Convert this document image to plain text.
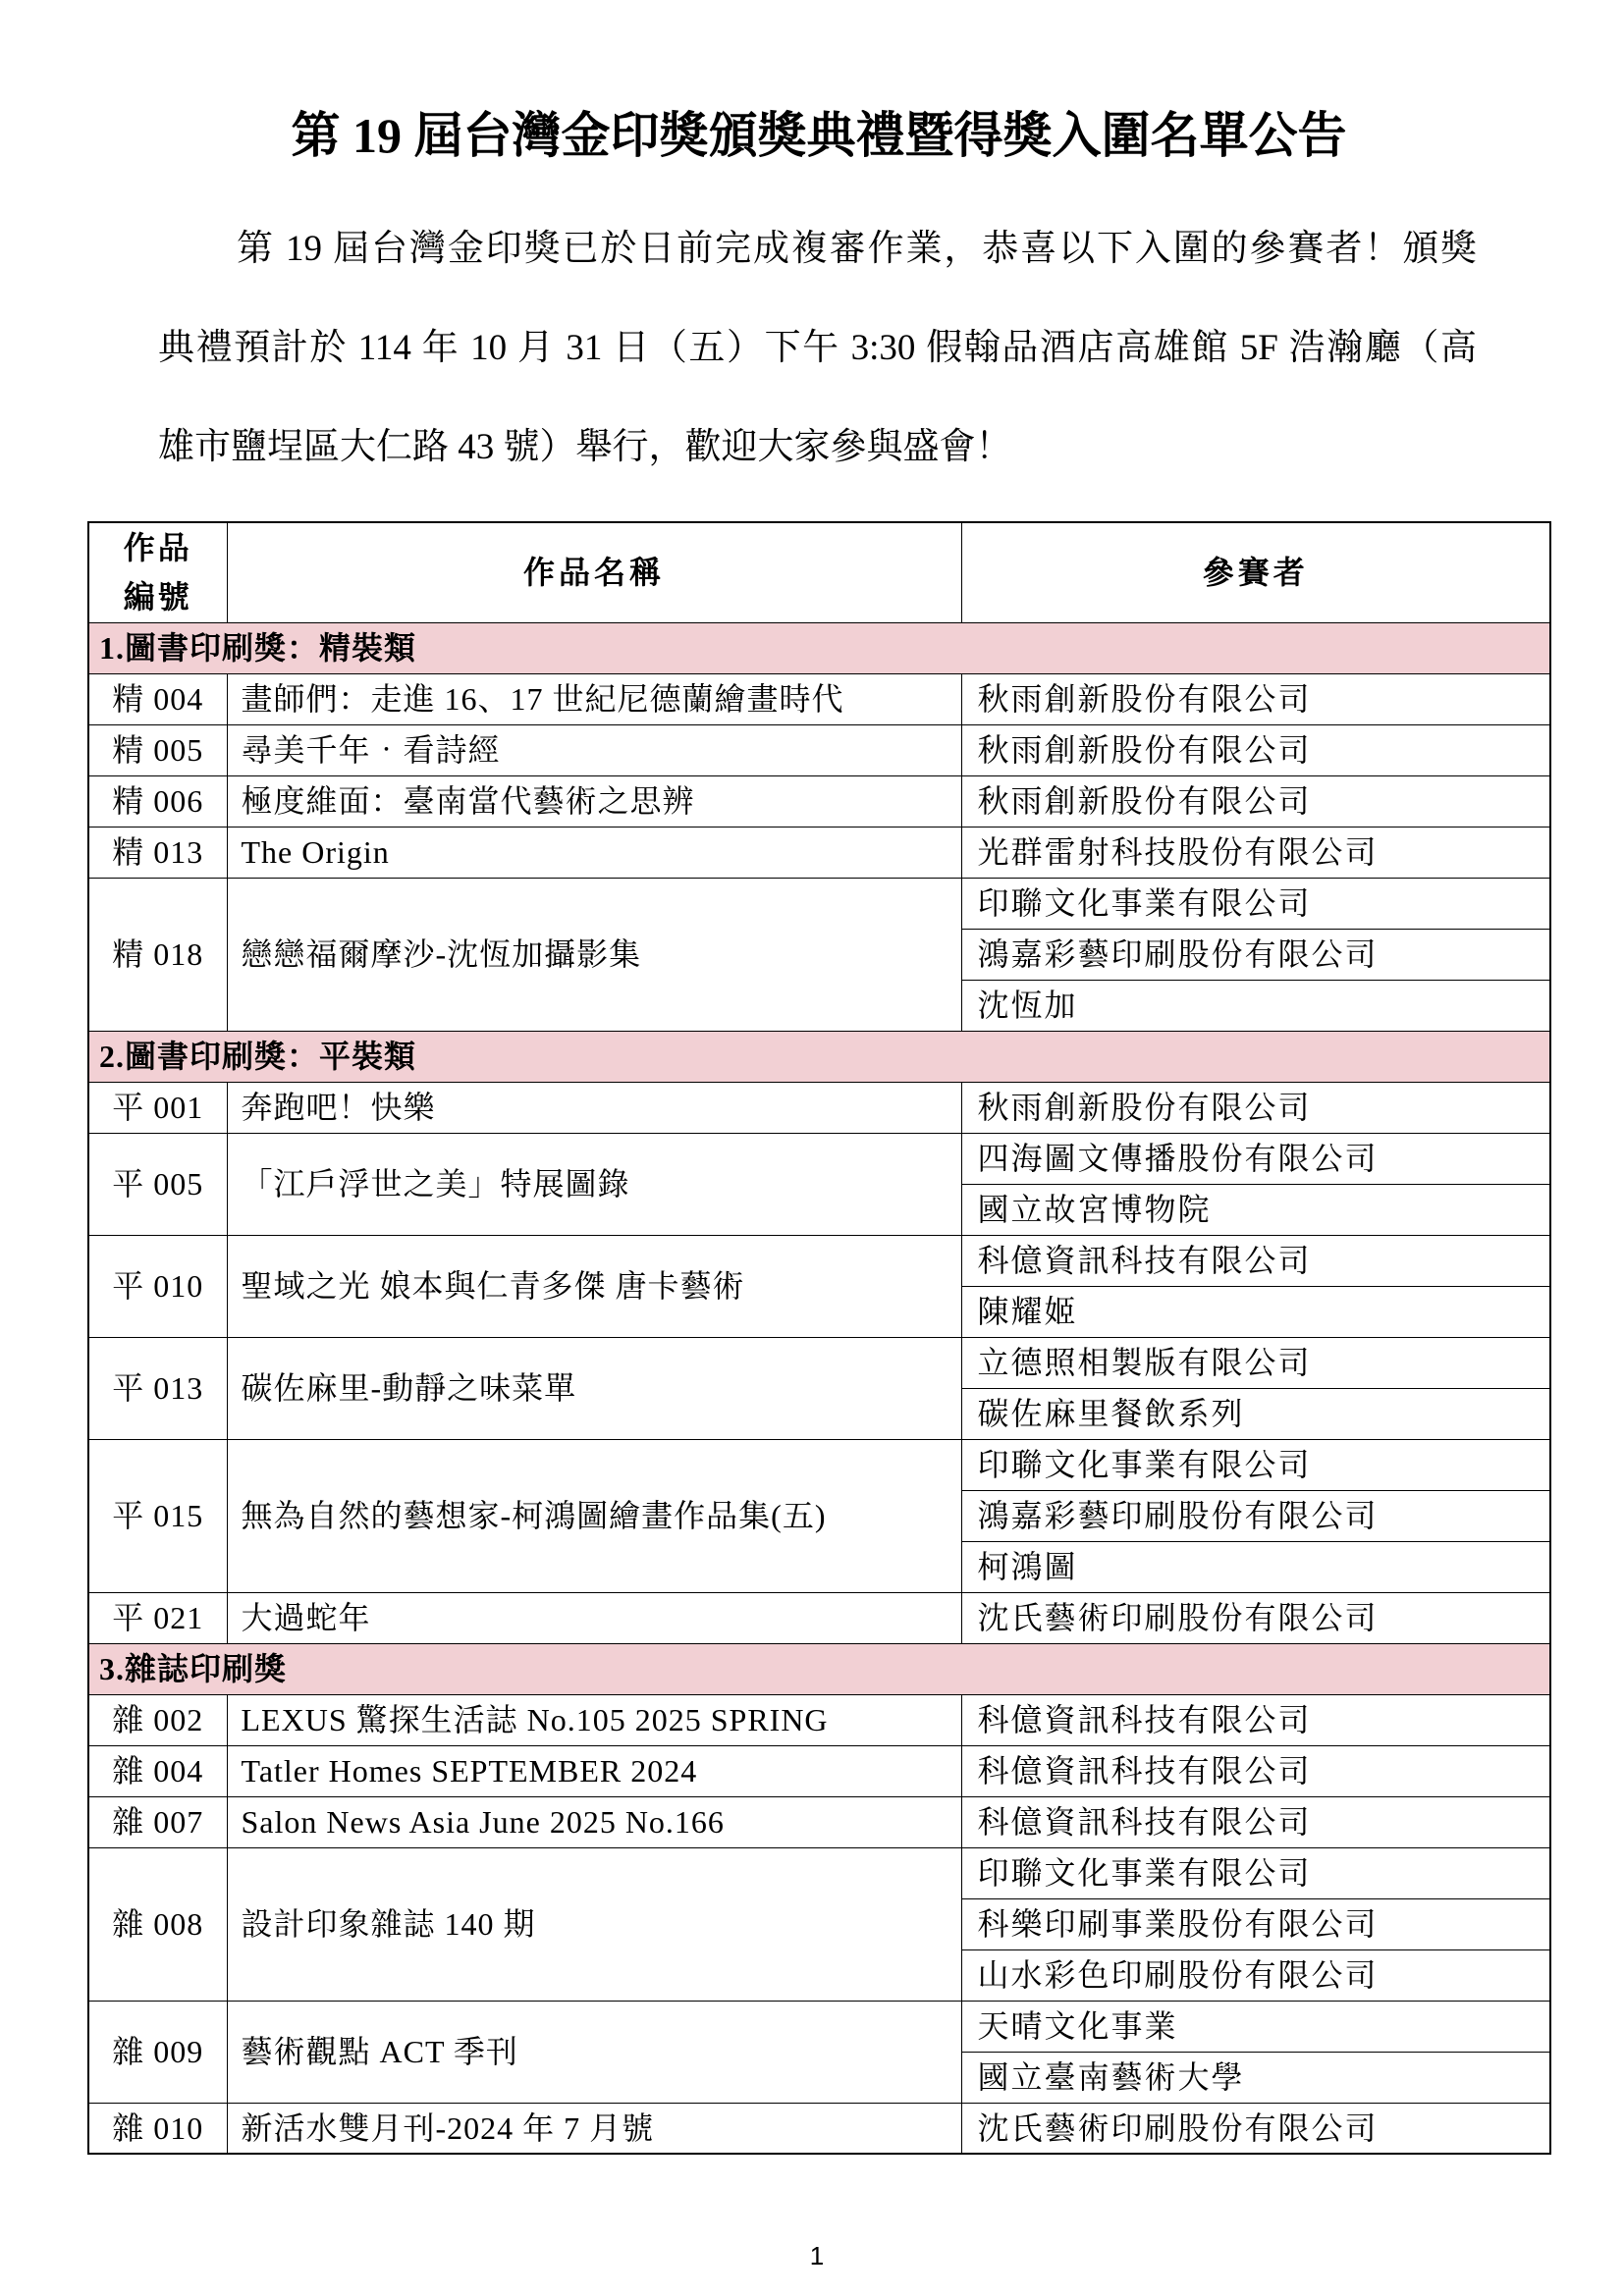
第 19 屆台灣金印獎頒獎典禮暨得獎入圍名單公告
第 19 屆台灣金印獎已於日前完成複審作業，恭喜以下入圍的參賽者！頒獎
典禮預計於 114 年 10 月 31 日（五）下午 3:30 假翰品酒店高雄館 5F 浩瀚廳（高
雄市鹽埕區大仁路 43 號）舉行，歡迎大家參與盛會！
作品
編號	作品名稱	參賽者
1.圖書印刷獎：精裝類		
精 004	畫師們：走進 16、17 世紀尼德蘭繪畫時代	秋雨創新股份有限公司
精 005	尋美千年‧看詩經	秋雨創新股份有限公司
精 006	極度維面：臺南當代藝術之思辨	秋雨創新股份有限公司
精 013	The Origin	光群雷射科技股份有限公司
精 018	戀戀福爾摩沙-沈恆加攝影集	印聯文化事業有限公司
		鴻嘉彩藝印刷股份有限公司
		沈恆加
2.圖書印刷獎：平裝類		
平 001	奔跑吧！快樂	秋雨創新股份有限公司
平 005	「江戶浮世之美」特展圖錄	四海圖文傳播股份有限公司
		國立故宮博物院
平 010	聖域之光 娘本與仁青多傑 唐卡藝術	科億資訊科技有限公司
		陳耀姬
平 013	碳佐麻里-動靜之味菜單	立德照相製版有限公司
		碳佐麻里餐飲系列
平 015	無為自然的藝想家-柯鴻圖繪畫作品集(五)	印聯文化事業有限公司
		鴻嘉彩藝印刷股份有限公司
		柯鴻圖
平 021	大過蛇年	沈氏藝術印刷股份有限公司
3.雜誌印刷獎		
雜 002	LEXUS 驚探生活誌 No.105 2025 SPRING	科億資訊科技有限公司
雜 004	Tatler Homes SEPTEMBER 2024	科億資訊科技有限公司
雜 007	Salon News Asia June 2025 No.166	科億資訊科技有限公司
雜 008	設計印象雜誌 140 期	印聯文化事業有限公司
		科樂印刷事業股份有限公司
		山水彩色印刷股份有限公司
雜 009	藝術觀點 ACT 季刊	天晴文化事業
		國立臺南藝術大學
雜 010	新活水雙月刊-2024 年 7 月號	沈氏藝術印刷股份有限公司
1
